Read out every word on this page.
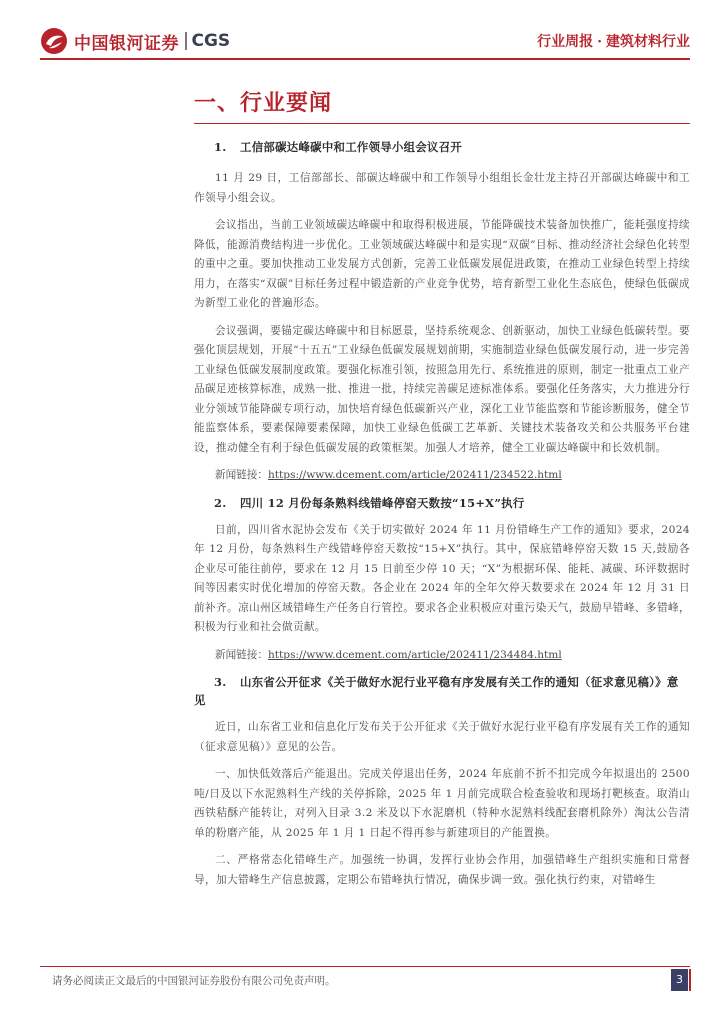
中国银河证券 CGS	行业周报 · 建筑材料行业
一、行业要闻

1. 工信部碳达峰碳中和工作领导小组会议召开

11 月 29 日，工信部部长、部碳达峰碳中和工作领导小组组长金壮龙主持召开部碳达峰碳中和工作领导小组会议。

会议指出，当前工业领域碳达峰碳中和取得积极进展，节能降碳技术装备加快推广，能耗强度持续降低，能源消费结构进一步优化。工业领域碳达峰碳中和是实现“双碳”目标、推动经济社会绿色化转型的重中之重。要加快推动工业发展方式创新，完善工业低碳发展促进政策，在推动工业绿色转型上持续用力，在落实“双碳”目标任务过程中锻造新的产业竞争优势，培育新型工业化生态底色，使绿色低碳成为新型工业化的普遍形态。

会议强调，要锚定碳达峰碳中和目标愿景，坚持系统观念、创新驱动，加快工业绿色低碳转型。要强化顶层规划，开展“十五五”工业绿色低碳发展规划前期，实施制造业绿色低碳发展行动，进一步完善工业绿色低碳发展制度政策。要强化标准引领，按照急用先行、系统推进的原则，制定一批重点工业产品碳足迹核算标准，成熟一批、推进一批，持续完善碳足迹标准体系。要强化任务落实，大力推进分行业分领域节能降碳专项行动，加快培育绿色低碳新兴产业，深化工业节能监察和节能诊断服务，健全节能监察体系，要素保障要素保障，加快工业绿色低碳工艺革新、关键技术装备攻关和公共服务平台建设，推动健全有利于绿色低碳发展的政策框架。加强人才培养，健全工业碳达峰碳中和长效机制。

新闻链接：https://www.dcement.com/article/202411/234522.html

2. 四川 12 月份每条熟料线错峰停窑天数按“15+X”执行

日前，四川省水泥协会发布《关于切实做好 2024 年 11 月份错峰生产工作的通知》要求，2024 年 12 月份，每条熟料生产线错峰停窑天数按“15+X”执行。其中，保底错峰停窑天数 15 天,鼓励各企业尽可能往前停，要求在 12 月 15 日前至少停 10 天；“X”为根据环保、能耗、减碳、环评数据时间等因素实时优化增加的停窑天数。各企业在 2024 年的全年欠停天数要求在 2024 年 12 月 31 日前补齐。凉山州区域错峰生产任务自行管控。要求各企业积极应对重污染天气，鼓励早错峰、多错峰，积极为行业和社会做贡献。

新闻链接：https://www.dcement.com/article/202411/234484.html

3. 山东省公开征求《关于做好水泥行业平稳有序发展有关工作的通知（征求意见稿）》意见

近日，山东省工业和信息化厅发布关于公开征求《关于做好水泥行业平稳有序发展有关工作的通知（征求意见稿）》意见的公告。

一、加快低效落后产能退出。完成关停退出任务，2024 年底前不折不扣完成今年拟退出的 2500 吨/日及以下水泥熟料生产线的关停拆除，2025 年 1 月前完成联合检查验收和现场打靶核查。取消山西铁秸酥产能转让，对列入目录 3.2 米及以下水泥磨机（特种水泥熟料线配套磨机除外）淘汰公告清单的粉磨产能，从 2025 年 1 月 1 日起不得再参与新建项目的产能置换。

二、严格常态化错峰生产。加强统一协调，发挥行业协会作用，加强错峰生产组织实施和日常督导，加大错峰生产信息披露，定期公布错峰执行情况，确保步调一致。强化执行约束，对错峰生

请务必阅读正文最后的中国银河证券股份有限公司免责声明。	3
